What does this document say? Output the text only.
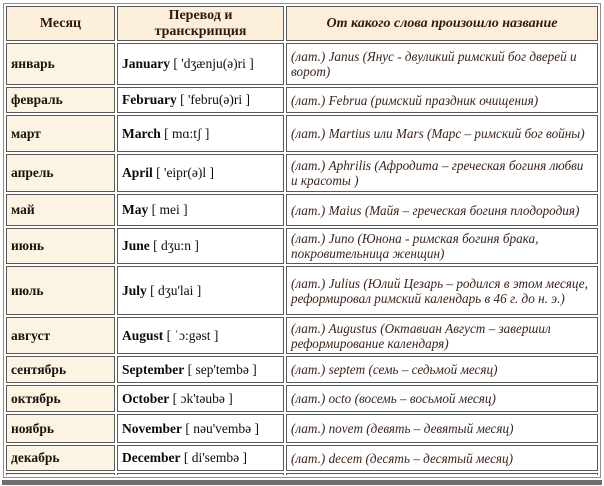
Месяц	Перевод и транскрипция	От какого слова произошло название
январь	January [ 'dʒænju(ə)ri ]	(лат.) Janus (Янус - двуликий римский бог дверей и ворот)
февраль	February [ 'febru(ə)ri ]	(лат.) Februa (римский праздник очищения)
март	March [ mɑ:tʃ ]	(лат.) Martius или Mars (Марс – римский бог войны)
апрель	April [ 'eipr(ə)l ]	(лат.) Aphrilis (Афродита – греческая богиня любви и красоты )
май	May [ mei ]	(лат.) Maius (Майя – греческая богиня плодородия)
июнь	June [ dʒu:n ]	(лат.) Juno (Юнона - римская богиня брака, покровительница женщин)
июль	July [ dʒu'lai ]	(лат.) Julius (Юлий Цезарь – родился в этом месяце, реформировал римский календарь в 46 г. до н. э.)
август	August [ ˈɔ:gəst ]	(лат.) Augustus (Октавиан Август – завершил реформирование календаря)
сентябрь	September [ sep'tembə ]	(лат.) septem (семь – седьмой месяц)
октябрь	October [ ɔk'təubə ]	(лат.) octo (восемь – восьмой месяц)
ноябрь	November [ nəu'vembə ]	(лат.) novem (девять – девятый месяц)
декабрь	December [ di'sembə ]	(лат.) decem (десять – десятый месяц)
